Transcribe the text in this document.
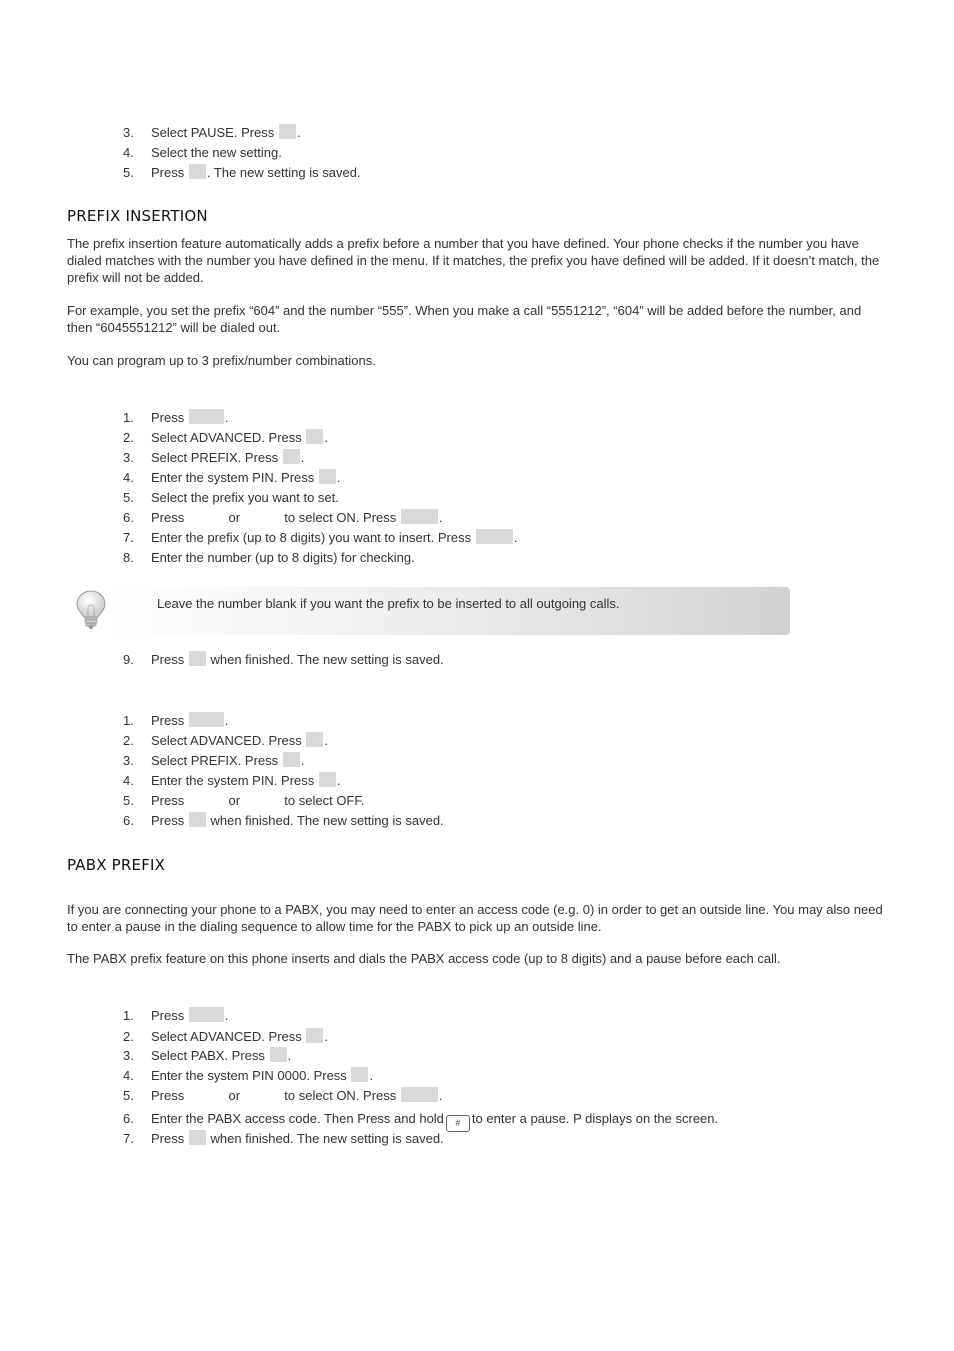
3.	Select PAUSE. Press .
4.	Select the new setting.
5.	Press . The new setting is saved.
PREFIX INSERTION

The prefix insertion feature automatically adds a prefix before a number that you have defined. Your phone checks if the number you have dialed matches with the number you have defined in the menu. If it matches, the prefix you have defined will be added. If it doesn’t match, the prefix will not be added.

For example, you set the prefix “604” and the number “555”. When you make a call “5551212”, “604” will be added before the number, and then “6045551212” will be dialed out.

You can program up to 3 prefix/number combinations.

1.	Press	.
2.	Select ADVANCED. Press .
3.	Select PREFIX. Press .
4.	Enter the system PIN. Press .
5.	Select the prefix you want to set.
6.	Press	or	to select ON. Press	.
7.	Enter the prefix (up to 8 digits) you want to insert. Press	.
8.	Enter the number (up to 8 digits) for checking.
Leave the number blank if you want the prefix to be inserted to all outgoing calls.
9.	Press when finished. The new setting is saved.
1.	Press	.
2.	Select ADVANCED. Press .
3.	Select PREFIX. Press .
4.	Enter the system PIN. Press .
5.	Press	or	to select OFF.
6.	Press when finished. The new setting is saved.
PABX PREFIX

If you are connecting your phone to a PABX, you may need to enter an access code (e.g. 0) in order to get an outside line. You may also need to enter a pause in the dialing sequence to allow time for the PABX to pick up an outside line.

The PABX prefix feature on this phone inserts and dials the PABX access code (up to 8 digits) and a pause before each call.

1.	Press	.
2.	Select ADVANCED. Press .
3.	Select PABX. Press .
4.	Enter the system PIN 0000. Press .
5.	Press	or	to select ON. Press	.
6.	Enter the PABX access code. Then Press and hold # to enter a pause. P displays on the screen.
7.	Press when finished. The new setting is saved.
